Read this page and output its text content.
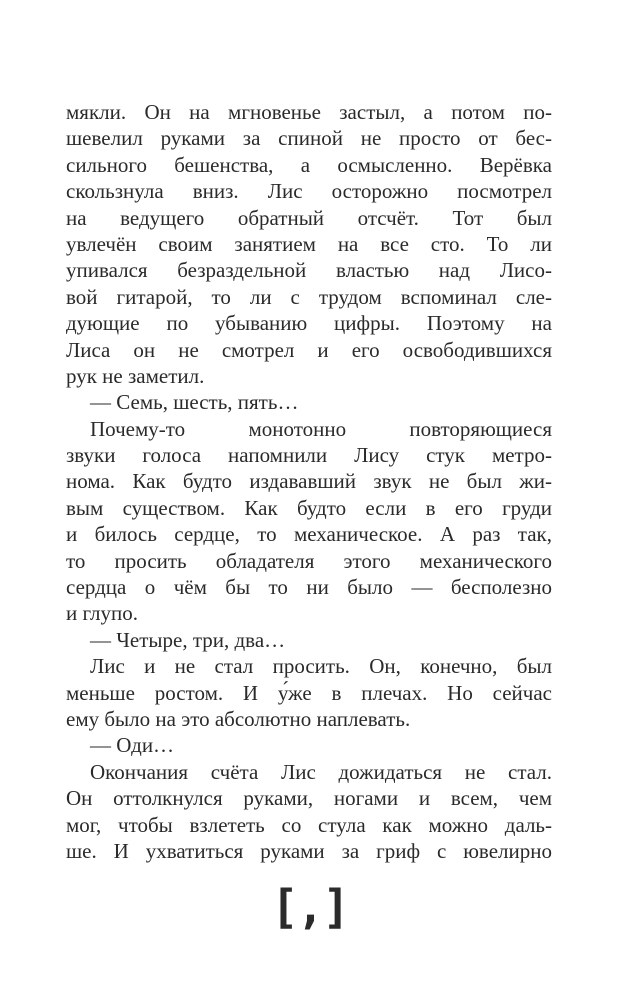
мякли. Он на мгновенье застыл, а потом по-
шевелил руками за спиной не просто от бес-
сильного бешенства, а осмысленно. Верёвка
скользнула вниз. Лис осторожно посмотрел
на ведущего обратный отсчёт. Тот был
увлечён своим занятием на все сто. То ли
упивался безраздельной властью над Лисо-
вой гитарой, то ли с трудом вспоминал сле-
дующие по убыванию цифры. Поэтому на
Лиса он не смотрел и его освободившихся
рук не заметил.
— Семь, шесть, пять…
Почему-то монотонно повторяющиеся
звуки голоса напомнили Лису стук метро-
нома. Как будто издававший звук не был жи-
вым существом. Как будто если в его груди
и билось сердце, то механическое. А раз так,
то просить обладателя этого механического
сердца о чём бы то ни было — бесполезно
и глупо.
— Четыре, три, два…
Лис и не стал просить. Он, конечно, был
меньше ростом. И у́же в плечах. Но сейчас
ему было на это абсолютно наплевать.
— Оди…
Окончания счёта Лис дожидаться не стал.
Он оттолкнулся руками, ногами и всем, чем
мог, чтобы взлететь со стула как можно даль-
ше. И ухватиться руками за гриф с ювелирно
[,]
